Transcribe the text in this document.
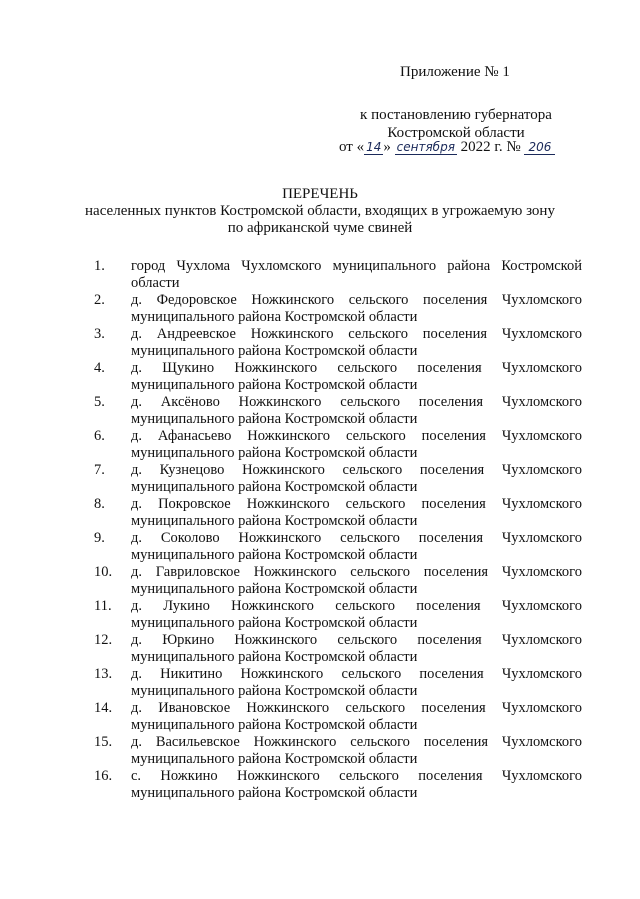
Приложение № 1
к постановлению губернатора
Костромской области
от « 14 » сентября 2022 г. № 206
ПЕРЕЧЕНЬ
населенных пунктов Костромской области, входящих в угрожаемую зону
по африканской чуме свиней
1.	город Чухлома Чухломского муниципального района Костромской области
2.	д. Федоровское Ножкинского сельского поселения Чухломского муниципального района Костромской области
3.	д. Андреевское Ножкинского сельского поселения Чухломского муниципального района Костромской области
4.	д. Щукино Ножкинского сельского поселения Чухломского муниципального района Костромской области
5.	д. Аксёново Ножкинского сельского поселения Чухломского муниципального района Костромской области
6.	д. Афанасьево Ножкинского сельского поселения Чухломского муниципального района Костромской области
7.	д. Кузнецово Ножкинского сельского поселения Чухломского муниципального района Костромской области
8.	д. Покровское Ножкинского сельского поселения Чухломского муниципального района Костромской области
9.	д. Соколово Ножкинского сельского поселения Чухломского муниципального района Костромской области
10.	д. Гавриловское Ножкинского сельского поселения Чухломского муниципального района Костромской области
11.	д. Лукино Ножкинского сельского поселения Чухломского муниципального района Костромской области
12.	д. Юркино Ножкинского сельского поселения Чухломского муниципального района Костромской области
13.	д. Никитино Ножкинского сельского поселения Чухломского муниципального района Костромской области
14.	д. Ивановское Ножкинского сельского поселения Чухломского муниципального района Костромской области
15.	д. Васильевское Ножкинского сельского поселения Чухломского муниципального района Костромской области
16.	с. Ножкино Ножкинского сельского поселения Чухломского муниципального района Костромской области
